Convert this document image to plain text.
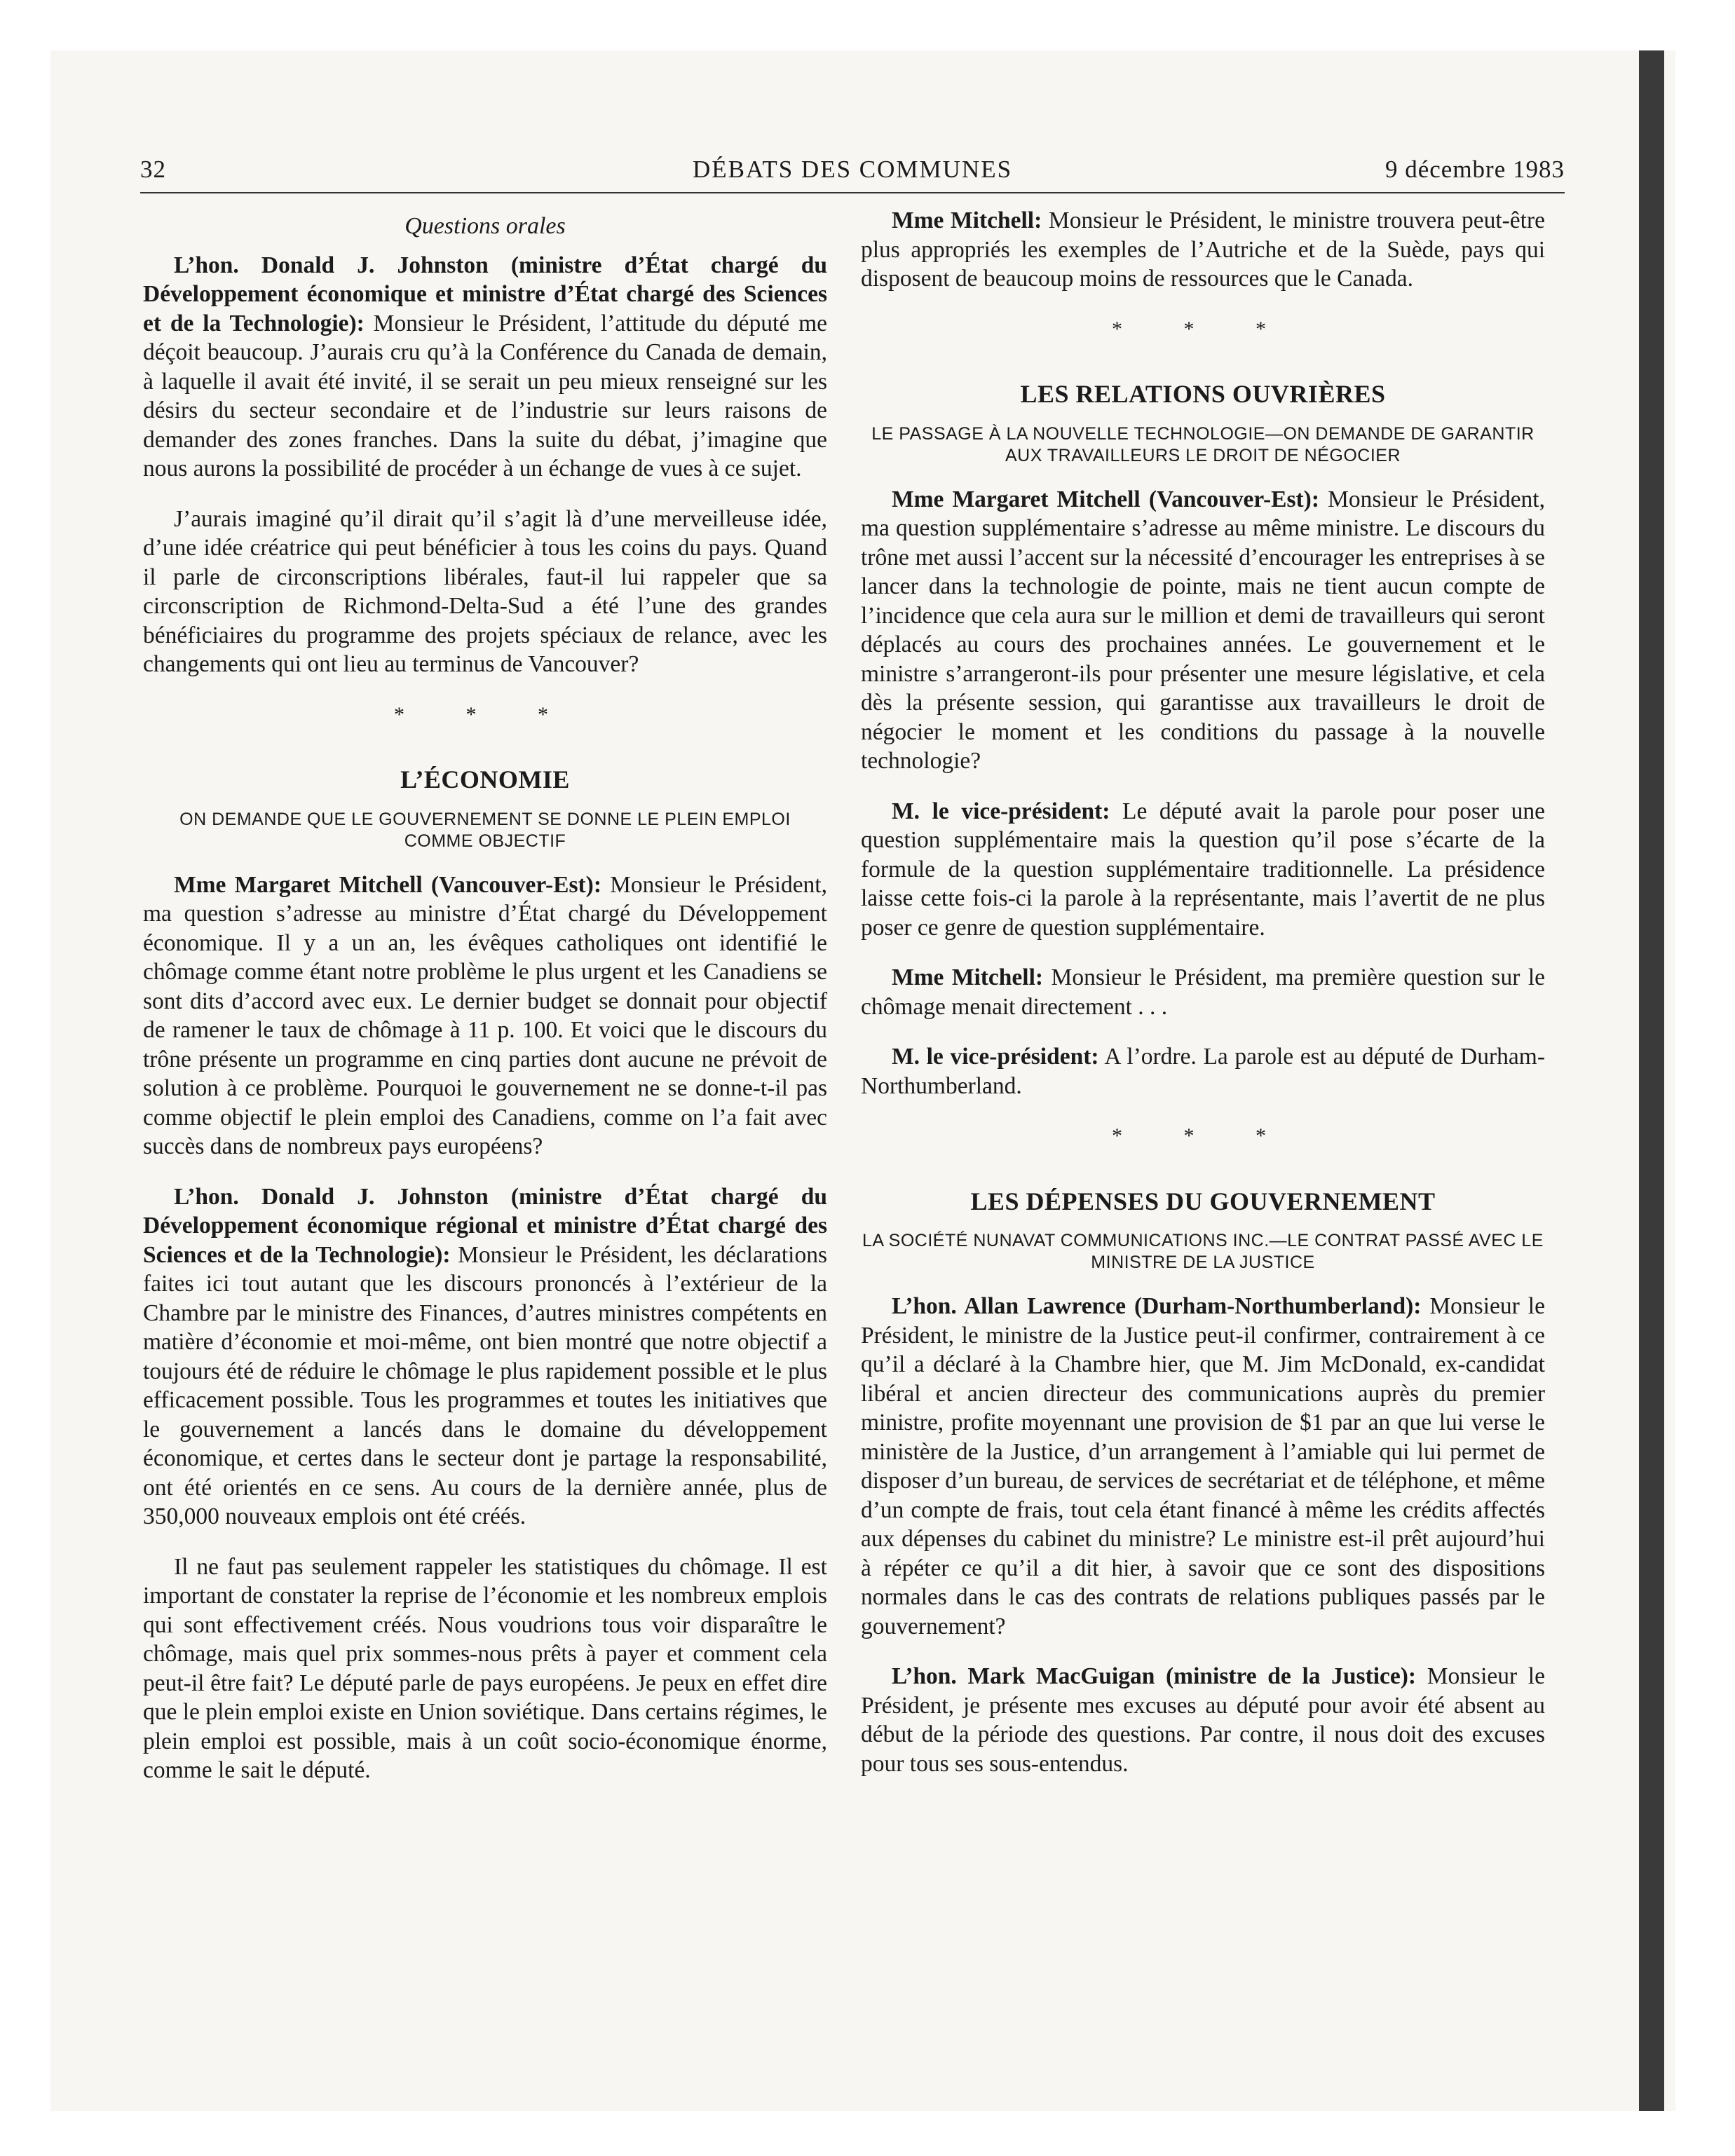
32	DÉBATS DES COMMUNES	9 décembre 1983
Questions orales

L’hon. Donald J. Johnston (ministre d’État chargé du Développement économique et ministre d’État chargé des Sciences et de la Technologie): Monsieur le Président, l’attitude du député me déçoit beaucoup. J’aurais cru qu’à la Conférence du Canada de demain, à laquelle il avait été invité, il se serait un peu mieux renseigné sur les désirs du secteur secondaire et de l’industrie sur leurs raisons de demander des zones franches. Dans la suite du débat, j’imagine que nous aurons la possibilité de procéder à un échange de vues à ce sujet.

J’aurais imaginé qu’il dirait qu’il s’agit là d’une merveilleuse idée, d’une idée créatrice qui peut bénéficier à tous les coins du pays. Quand il parle de circonscriptions libérales, faut-il lui rappeler que sa circonscription de Richmond-Delta-Sud a été l’une des grandes bénéficiaires du programme des projets spéciaux de relance, avec les changements qui ont lieu au terminus de Vancouver?

* * *
L’ÉCONOMIE
ON DEMANDE QUE LE GOUVERNEMENT SE DONNE LE PLEIN EMPLOI COMME OBJECTIF

Mme Margaret Mitchell (Vancouver-Est): Monsieur le Président, ma question s’adresse au ministre d’État chargé du Développement économique. Il y a un an, les évêques catholiques ont identifié le chômage comme étant notre problème le plus urgent et les Canadiens se sont dits d’accord avec eux. Le dernier budget se donnait pour objectif de ramener le taux de chômage à 11 p. 100. Et voici que le discours du trône présente un programme en cinq parties dont aucune ne prévoit de solution à ce problème. Pourquoi le gouvernement ne se donne-t-il pas comme objectif le plein emploi des Canadiens, comme on l’a fait avec succès dans de nombreux pays européens?

L’hon. Donald J. Johnston (ministre d’État chargé du Développement économique régional et ministre d’État chargé des Sciences et de la Technologie): Monsieur le Président, les déclarations faites ici tout autant que les discours prononcés à l’extérieur de la Chambre par le ministre des Finances, d’autres ministres compétents en matière d’économie et moi-même, ont bien montré que notre objectif a toujours été de réduire le chômage le plus rapidement possible et le plus efficacement possible. Tous les programmes et toutes les initiatives que le gouvernement a lancés dans le domaine du développement économique, et certes dans le secteur dont je partage la responsabilité, ont été orientés en ce sens. Au cours de la dernière année, plus de 350,000 nouveaux emplois ont été créés.

Il ne faut pas seulement rappeler les statistiques du chômage. Il est important de constater la reprise de l’économie et les nombreux emplois qui sont effectivement créés. Nous voudrions tous voir disparaître le chômage, mais quel prix sommes-nous prêts à payer et comment cela peut-il être fait? Le député parle de pays européens. Je peux en effet dire que le plein emploi existe en Union soviétique. Dans certains régimes, le plein emploi est possible, mais à un coût socio-économique énorme, comme le sait le député.

Mme Mitchell: Monsieur le Président, le ministre trouvera peut-être plus appropriés les exemples de l’Autriche et de la Suède, pays qui disposent de beaucoup moins de ressources que le Canada.

* * *
LES RELATIONS OUVRIÈRES
LE PASSAGE À LA NOUVELLE TECHNOLOGIE—ON DEMANDE DE GARANTIR AUX TRAVAILLEURS LE DROIT DE NÉGOCIER

Mme Margaret Mitchell (Vancouver-Est): Monsieur le Président, ma question supplémentaire s’adresse au même ministre. Le discours du trône met aussi l’accent sur la nécessité d’encourager les entreprises à se lancer dans la technologie de pointe, mais ne tient aucun compte de l’incidence que cela aura sur le million et demi de travailleurs qui seront déplacés au cours des prochaines années. Le gouvernement et le ministre s’arrangeront-ils pour présenter une mesure législative, et cela dès la présente session, qui garantisse aux travailleurs le droit de négocier le moment et les conditions du passage à la nouvelle technologie?

M. le vice-président: Le député avait la parole pour poser une question supplémentaire mais la question qu’il pose s’écarte de la formule de la question supplémentaire traditionnelle. La présidence laisse cette fois-ci la parole à la représentante, mais l’avertit de ne plus poser ce genre de question supplémentaire.

Mme Mitchell: Monsieur le Président, ma première question sur le chômage menait directement . . .

M. le vice-président: A l’ordre. La parole est au député de Durham-Northumberland.

* * *
LES DÉPENSES DU GOUVERNEMENT
LA SOCIÉTÉ NUNAVAT COMMUNICATIONS INC.—LE CONTRAT PASSÉ AVEC LE MINISTRE DE LA JUSTICE

L’hon. Allan Lawrence (Durham-Northumberland): Monsieur le Président, le ministre de la Justice peut-il confirmer, contrairement à ce qu’il a déclaré à la Chambre hier, que M. Jim McDonald, ex-candidat libéral et ancien directeur des communications auprès du premier ministre, profite moyennant une provision de $1 par an que lui verse le ministère de la Justice, d’un arrangement à l’amiable qui lui permet de disposer d’un bureau, de services de secrétariat et de téléphone, et même d’un compte de frais, tout cela étant financé à même les crédits affectés aux dépenses du cabinet du ministre? Le ministre est-il prêt aujourd’hui à répéter ce qu’il a dit hier, à savoir que ce sont des dispositions normales dans le cas des contrats de relations publiques passés par le gouvernement?

L’hon. Mark MacGuigan (ministre de la Justice): Monsieur le Président, je présente mes excuses au député pour avoir été absent au début de la période des questions. Par contre, il nous doit des excuses pour tous ses sous-entendus.
